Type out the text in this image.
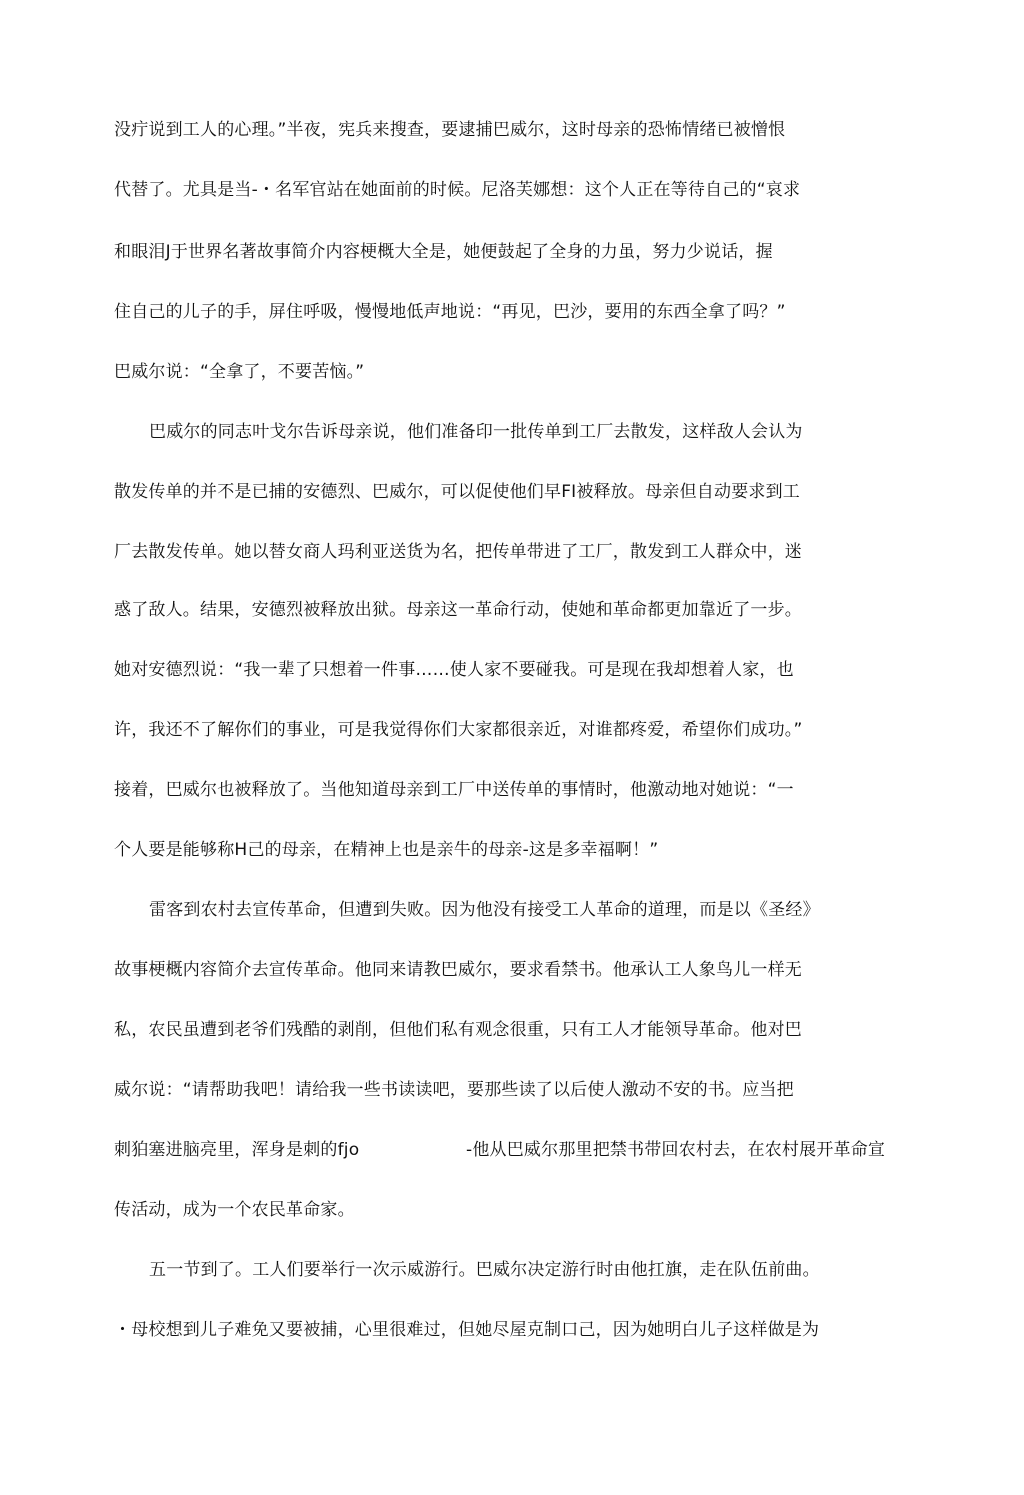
没疔说到工人的心理。”半夜，宪兵来搜查，要逮捕巴威尔，这时母亲的恐怖情绪已被憎恨
代替了。尤具是当-・名军官站在她面前的时候。尼洛芙娜想：这个人正在等待自己的“哀求
和眼泪J于世界名著故事简介内容梗概大全是，她便鼓起了全身的力虽，努力少说话，握
住自己的儿子的手，屏住呼吸，慢慢地低声地说：“再见，巴沙，要用的东西全拿了吗？”
巴威尔说：“全拿了，不要苦恼。”
巴威尔的同志叶戈尔告诉母亲说，他们准备印一批传单到工厂去散发，这样敌人会认为
散发传单的并不是已捕的安德烈、巴威尔，可以促使他们早FI被释放。母亲但自动要求到工
厂去散发传单。她以替女商人玛利亚送货为名，把传单带进了工厂，散发到工人群众中，迷
惑了敌人。结果，安德烈被释放出狱。母亲这一革命行动，使她和革命都更加靠近了一步。
她对安德烈说：“我一辈了只想着一件事……使人家不要碰我。可是现在我却想着人家，也
许，我还不了解你们的事业，可是我觉得你们大家都很亲近，对谁都疼爱，希望你们成功。”
接着，巴威尔也被释放了。当他知道母亲到工厂中送传单的事情时，他激动地对她说：“一
个人要是能够称H己的母亲，在精神上也是亲牛的母亲-这是多幸福啊！”
雷客到农村去宣传革命，但遭到失败。因为他没有接受工人革命的道理，而是以《圣经》
故事梗概内容简介去宣传革命。他同来请教巴威尔，要求看禁书。他承认工人象鸟儿一样无
私，农民虽遭到老爷们残酷的剥削，但他们私有观念很重，只有工人才能领导革命。他对巴
威尔说：“请帮助我吧！请给我一些书读读吧，要那些读了以后使人激动不安的书。应当把
刺狛塞进脑亮里，浑身是刺的fjo	-他从巴威尔那里把禁书带回农村去，在农村展开革命宣
传活动，成为一个农民革命家。
五一节到了。工人们要举行一次示威游行。巴威尔决定游行时由他扛旗，走在队伍前曲。
・母校想到儿子难免又要被捕，心里很难过，但她尽屋克制口己，因为她明白儿子这样做是为
